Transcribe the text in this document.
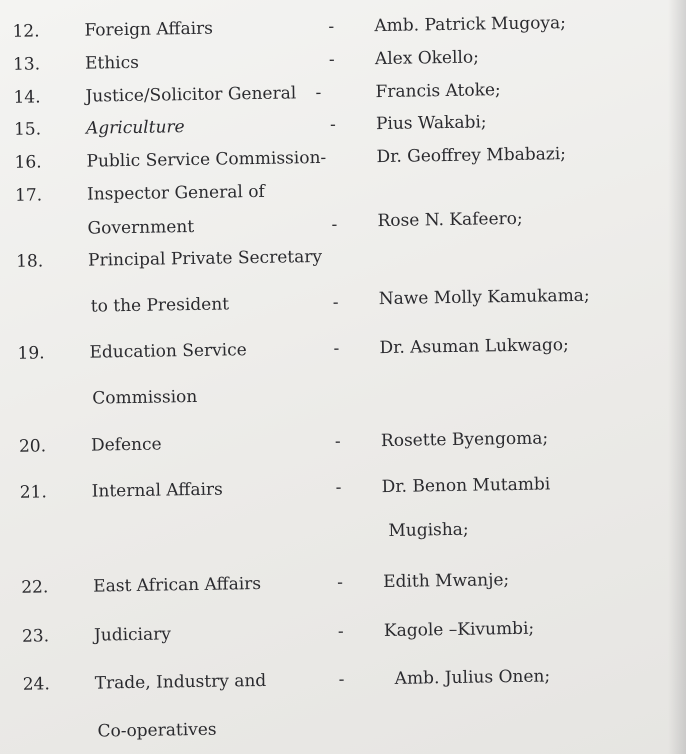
12.	Foreign Affairs	- Amb. Patrick Mugoya;
13.	Ethics	- Alex Okello;
14.	Justice/Solicitor General -	Francis Atoke;
15.	Agriculture	- Pius Wakabi;
16.	Public Service Commission-	Dr. Geoffrey Mbabazi;
17.	Inspector General of
Government	- Rose N. Kafeero;
18.	Principal Private Secretary
to the President	- Nawe Molly Kamukama;
19.	Education Service
Commission
- Dr. Asuman Lukwago;
20.	Defence	- Rosette Byengoma;
21.	Internal Affairs	- Dr. Benon Mutambi
Mugisha;
22.	East African Affairs	- Edith Mwanje;
23.	Judiciary	- Kagole –Kivumbi;
24.	Trade, Industry and
Co-operatives
-	Amb. Julius Onen;
